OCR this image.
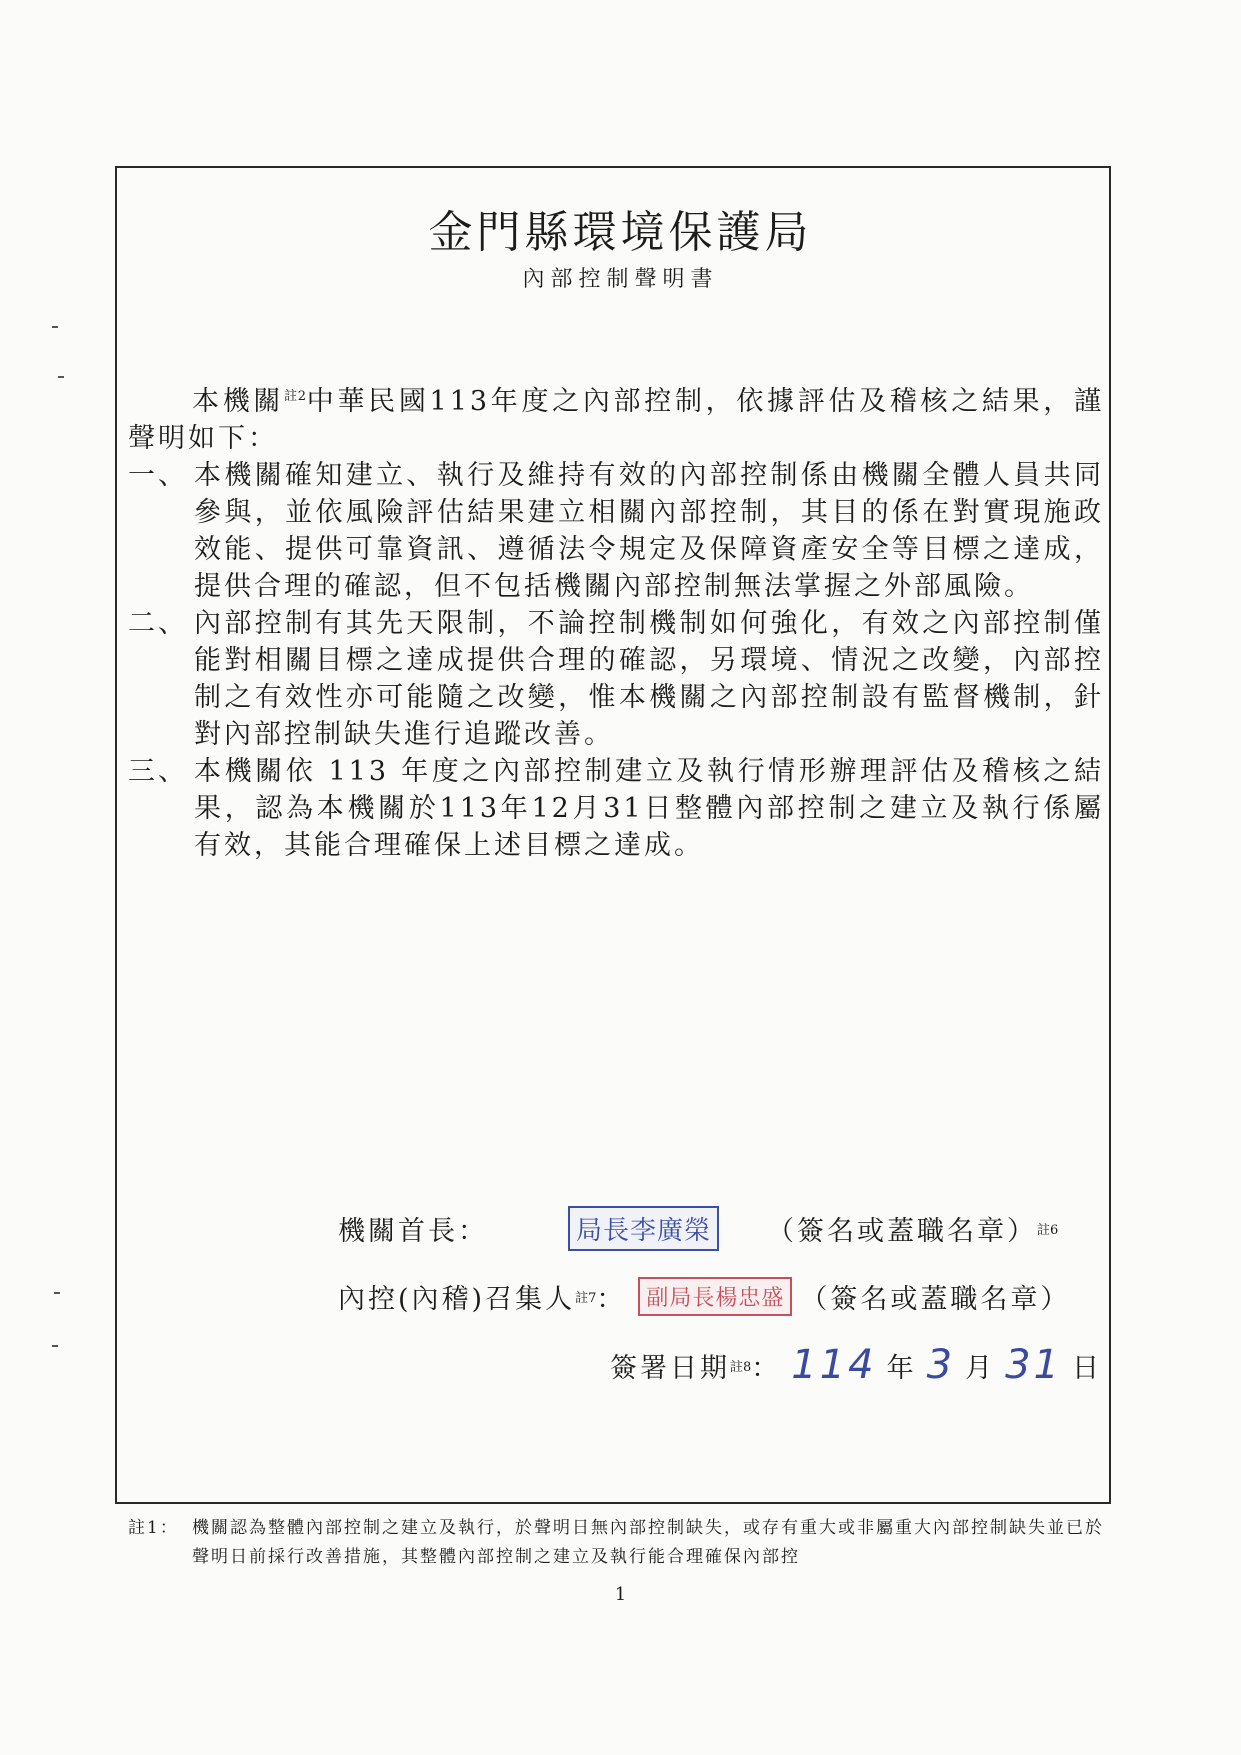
金門縣環境保護局
內部控制聲明書

本機關$^{註2}$中華民國113年度之內部控制，依據評估及稽核之結果，謹聲明如下：

一、 本機關確知建立、執行及維持有效的內部控制係由機關全體人員共同參與，並依風險評估結果建立相關內部控制，其目的係在對實現施政效能、提供可靠資訊、遵循法令規定及保障資產安全等目標之達成，提供合理的確認，但不包括機關內部控制無法掌握之外部風險。
二、 內部控制有其先天限制，不論控制機制如何強化，有效之內部控制僅能對相關目標之達成提供合理的確認，另環境、情況之改變，內部控制之有效性亦可能隨之改變，惟本機關之內部控制設有監督機制，針對內部控制缺失進行追蹤改善。
三、 本機關依 113 年度之內部控制建立及執行情形辦理評估及稽核之結果，認為本機關於113年12月31日整體內部控制之建立及執行係屬有效，其能合理確保上述目標之達成。
機關首長：	局長李廣榮 （簽名或蓋職名章） 註6
內控(內稽)召集人 註7 ： 副局長楊忠盛 （簽名或蓋職名章）
簽署日期 註8 ： 114 年 3 月 31 日
註1： 機關認為整體內部控制之建立及執行，於聲明日無內部控制缺失，或存有重大或非屬重大內部控制缺失並已於聲明日前採行改善措施，其整體內部控制之建立及執行能合理確保內部控
1
